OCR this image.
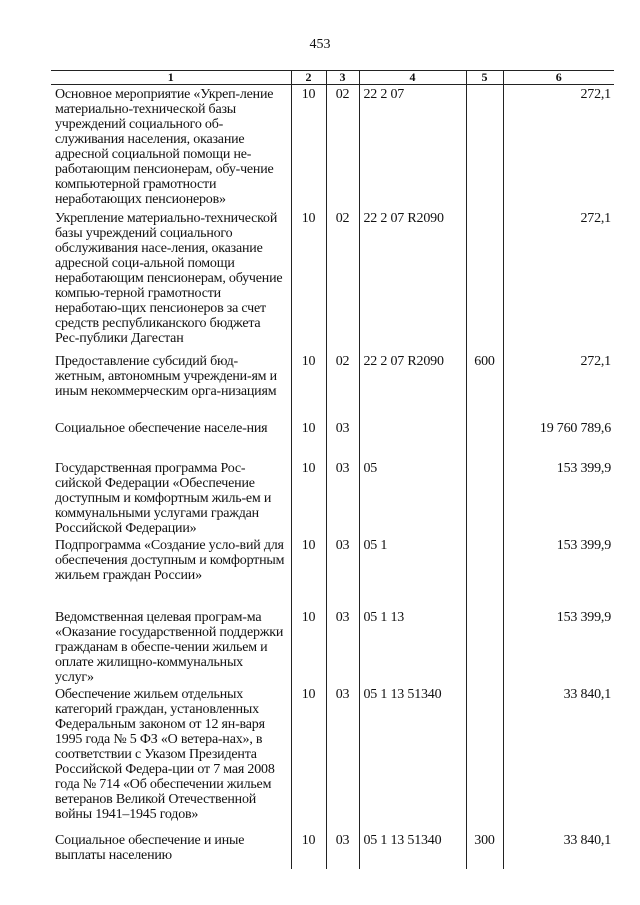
453
1	2	3	4	5	6
Основное мероприятие «Укреп-ление материально-технической базы учреждений социального об-служивания населения, оказание адресной социальной помощи не-работающим пенсионерам, обу-чение компьютерной грамотности неработающих пенсионеров»	10	02	22 2 07		272,1
Укрепление материально-технической базы учреждений социального обслуживания насе-ления, оказание адресной соци-альной помощи неработающим пенсионерам, обучение компью-терной грамотности неработаю-щих пенсионеров за счет средств республиканского бюджета Рес-публики Дагестан	10	02	22 2 07 R2090		272,1
Предоставление субсидий бюд-жетным, автономным учреждени-ям и иным некоммерческим орга-низациям	10	02	22 2 07 R2090	600	272,1
Социальное обеспечение населе-ния	10	03			19 760 789,6
Государственная программа Рос-сийской Федерации «Обеспечение доступным и комфортным жиль-ем и коммунальными услугами граждан Российской Федерации»	10	03	05		153 399,9
Подпрограмма «Создание усло-вий для обеспечения доступным и комфортным жильем граждан России»	10	03	05 1		153 399,9
Ведомственная целевая програм-ма «Оказание государственной поддержки гражданам в обеспе-чении жильем и оплате жилищно-коммунальных услуг»	10	03	05 1 13		153 399,9
Обеспечение жильем отдельных категорий граждан, установленных Федеральным законом от 12 ян-варя 1995 года № 5 ФЗ «О ветера-нах», в соответствии с Указом Президента Российской Федера-ции от 7 мая 2008 года № 714 «Об обеспечении жильем ветеранов Великой Отечественной войны 1941–1945 годов»	10	03	05 1 13 51340		33 840,1
Социальное обеспечение и иные выплаты населению	10	03	05 1 13 51340	300	33 840,1
